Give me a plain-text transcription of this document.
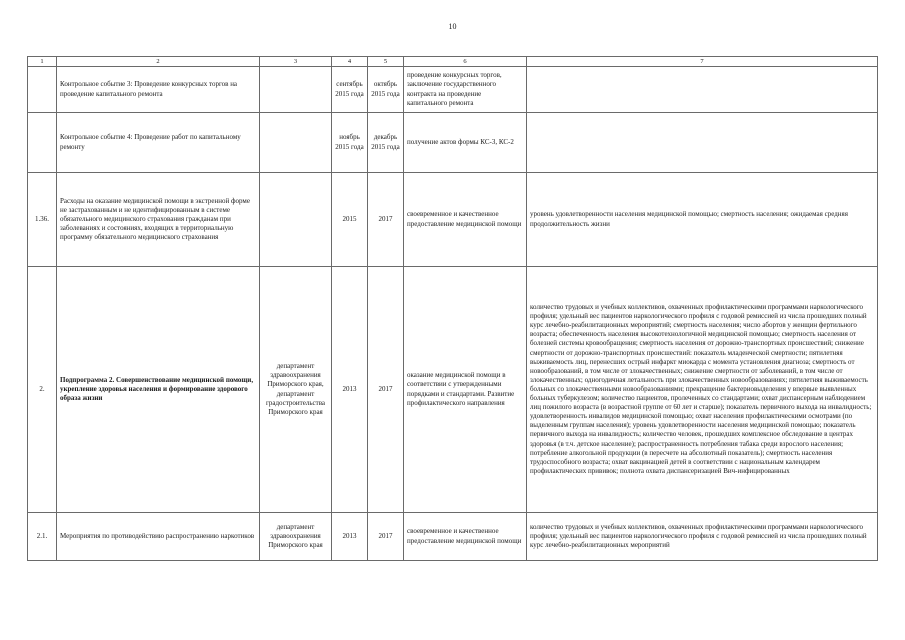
10
1	2	3	4	5	6	7
	Контрольное событие 3: Проведение конкурсных торгов на проведение капитального ремонта		сентябрь 2015 года	октябрь 2015 года	проведение конкурсных торгов, заключение государственного контракта на проведение капитального ремонта	
	Контрольное событие 4: Проведение работ по капитальному ремонту		ноябрь 2015 года	декабрь 2015 года	получение актов формы КС-3, КС-2	
1.36.	Расходы на оказание медицинской помощи в экстренной форме не застрахованным и не идентифицированным в системе обязательного медицинского страхования гражданам при заболеваниях и состояниях, входящих в территориальную программу обязательного медицинского страхования		2015	2017	своевременное и качественное предоставление медицинской помощи	уровень удовлетворенности населения медицинской помощью; смертность населения; ожидаемая средняя продолжительность жизни
2.	Подпрограмма 2. Совершенствование медицинской помощи, укрепление здоровья населения и формирование здорового образа жизни	департамент здравоохранения Приморского края, департамент градостроительства Приморского края	2013	2017	оказание медицинской помощи в соответствии с утвержденными порядками и стандартами. Развитие профилактического направления	количество трудовых и учебных коллективов, охваченных профилактическими программами наркологического профиля; удельный вес пациентов наркологического профиля с годовой ремиссией из числа прошедших полный курс лечебно-реабилитационных мероприятий; смертность населения; число абортов у женщин фертильного возраста; обеспеченность населения высокотехнологичной медицинской помощью; смертность населения от болезней системы кровообращения; смертность населения от дорожно-транспортных происшествий; снижение смертности от дорожно-транспортных происшествий: показатель младенческой смертности; пятилетняя выживаемость лиц, перенесших острый инфаркт миокарда с момента установления диагноза; смертность от новообразований, в том числе от злокачественных; снижение смертности от заболеваний, в том числе от злокачественных; одногодичная летальность при злокачественных новообразованиях; пятилетняя выживаемость больных со злокачественными новообразованиями; прекращение бактериовыделения у впервые выявленных больных туберкулезом; количество пациентов, пролеченных со стандартами; охват диспансерным наблюдением лиц пожилого возраста (в возрастной группе от 60 лет и старше); показатель первичного выхода на инвалидность; удовлетворенность инвалидов медицинской помощью; охват населения профилактическими осмотрами (по выделенным группам населения); уровень удовлетворенности населения медицинской помощью; показатель первичного выхода на инвалидность; количество человек, прошедших комплексное обследование в центрах здоровья (в т.ч. детское население); распространенность потребления табака среди взрослого населения; потребление алкогольной продукции (в пересчете на абсолютный показатель); смертность населения трудоспособного возраста; охват вакцинацией детей в соответствии с национальным календарем профилактических прививок; полнота охвата диспансеризацией Вич-инфицированных
2.1.	Мероприятия по противодействию распространению наркотиков	департамент здравоохранения Приморского края	2013	2017	своевременное и качественное предоставление медицинской помощи	количество трудовых и учебных коллективов, охваченных профилактическими программами наркологического профиля; удельный вес пациентов наркологического профиля с годовой ремиссией из числа прошедших полный курс лечебно-реабилитационных мероприятий
